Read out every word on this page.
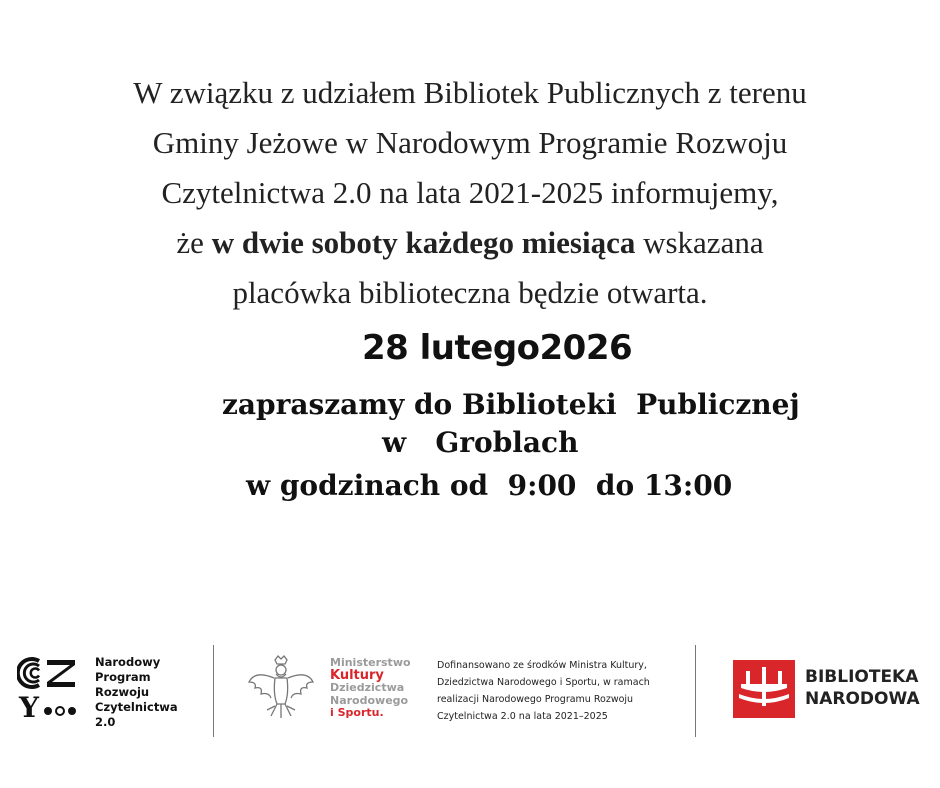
W związku z udziałem Bibliotek Publicznych z terenu
Gminy Jeżowe w Narodowym Programie Rozwoju
Czytelnictwa 2.0 na lata 2021-2025 informujemy,
że w dwie soboty każdego miesiąca wskazana
placówka biblioteczna będzie otwarta.
28 lutego2026
zapraszamy do Biblioteki  Publicznej
w   Groblach
w godzinach od  9:00  do 13:00
Y
Narodowy
Program
Rozwoju
Czytelnictwa
2.0
Ministerstwo
Kultury
Dziedzictwa
Narodowego
i Sportu.
Dofinansowano ze środków Ministra Kultury,
Dziedzictwa Narodowego i Sportu, w ramach
realizacji Narodowego Programu Rozwoju
Czytelnictwa 2.0 na lata 2021–2025
BIBLIOTEKA
NARODOWA
